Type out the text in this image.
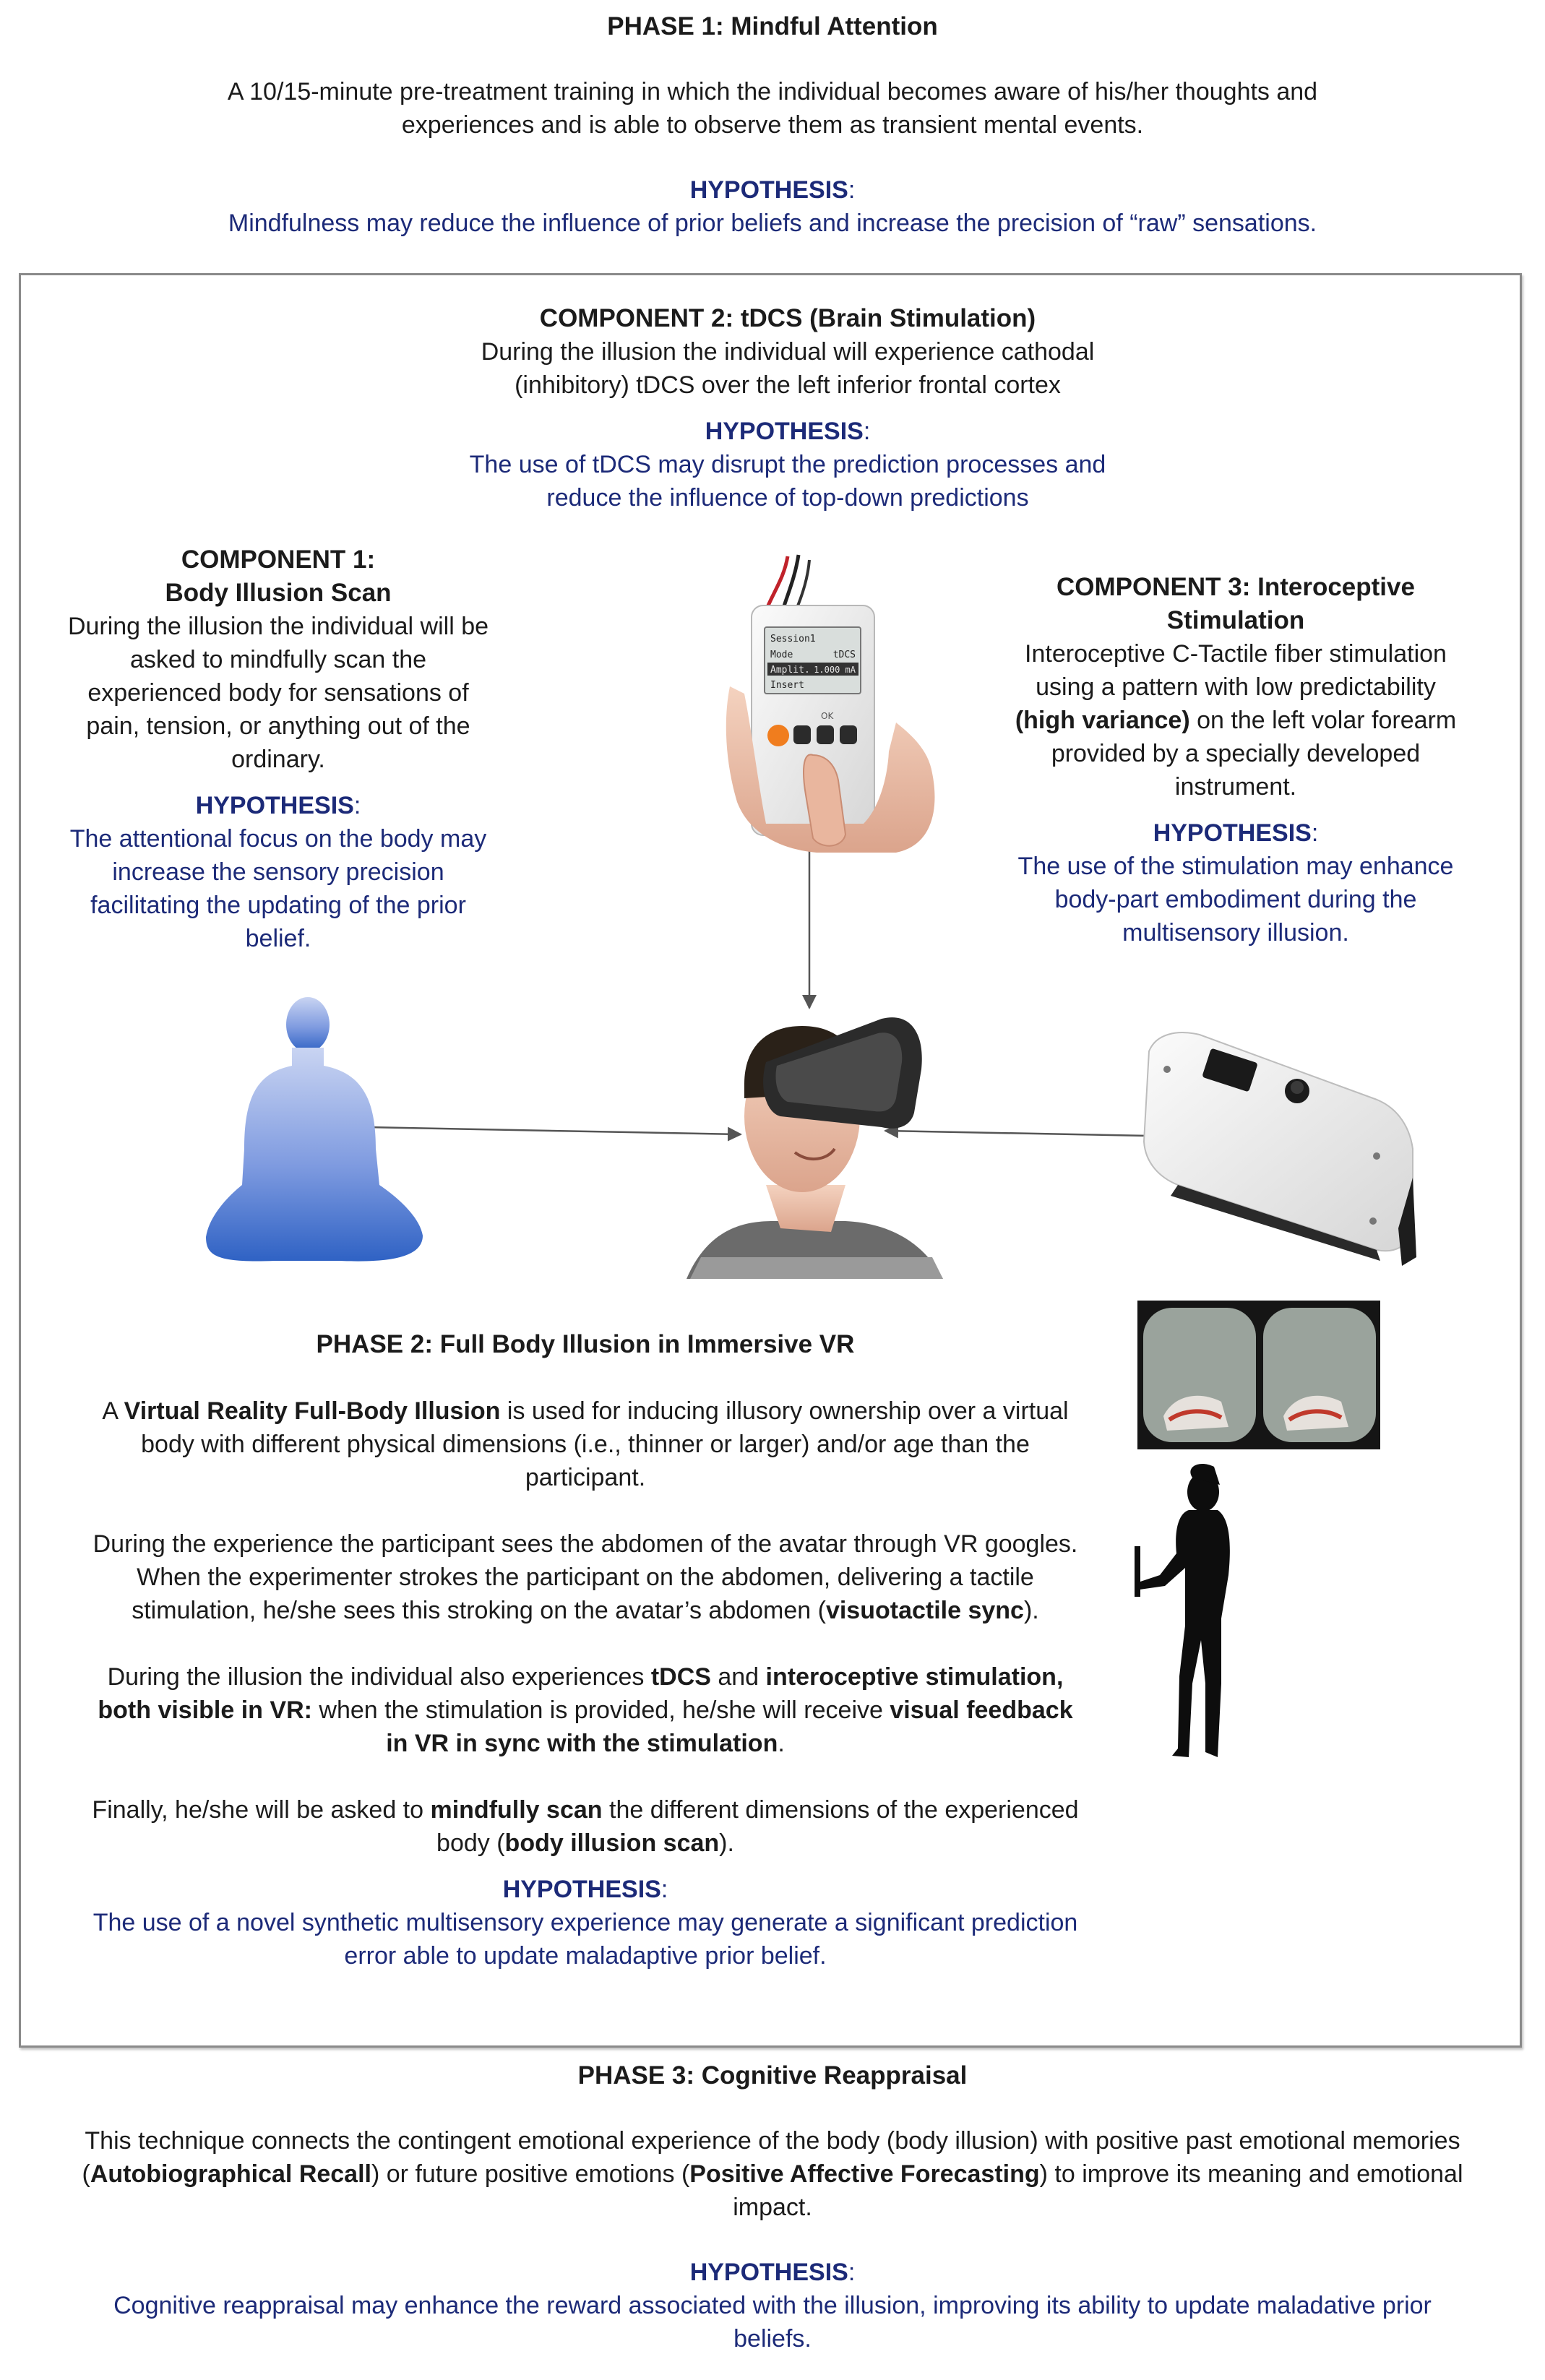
PHASE 1: Mindful Attention

A 10/15-minute pre-treatment training in which the individual becomes aware of his/her thoughts and

experiences and is able to observe them as transient mental events.

HYPOTHESIS:

Mindfulness may reduce the influence of prior beliefs and increase the precision of “raw” sensations.

COMPONENT 2: tDCS (Brain Stimulation)

During the illusion the individual will experience cathodal

(inhibitory) tDCS over the left inferior frontal cortex

HYPOTHESIS:

The use of tDCS may disrupt the prediction processes and

reduce the influence of top-down predictions

COMPONENT 1:

Body Illusion Scan

During the illusion the individual will be

asked to mindfully scan the

experienced body for sensations of

pain, tension, or anything out of the

ordinary.

HYPOTHESIS:

The attentional focus on the body may

increase the sensory precision

facilitating the updating of the prior

belief.

COMPONENT 3: Interoceptive

Stimulation

Interoceptive C-Tactile fiber stimulation

using a pattern with low predictability

(high variance) on the left volar forearm

provided by a specially developed

instrument.

HYPOTHESIS:

The use of the stimulation may enhance

body-part embodiment during the

multisensory illusion.

Session1
Mode	tDCS
Amplit. 1.000 mA
Insert
OK

PHASE 2: Full Body Illusion in Immersive VR

A Virtual Reality Full-Body Illusion is used for inducing illusory ownership over a virtual

body with different physical dimensions (i.e., thinner or larger) and/or age than the

participant.

During the experience the participant sees the abdomen of the avatar through VR googles.

When the experimenter strokes the participant on the abdomen, delivering a tactile

stimulation, he/she sees this stroking on the avatar’s abdomen (visuotactile sync).

During the illusion the individual also experiences tDCS and interoceptive stimulation,

both visible in VR: when the stimulation is provided, he/she will receive visual feedback

in VR in sync with the stimulation.

Finally, he/she will be asked to mindfully scan the different dimensions of the experienced

body (body illusion scan).

HYPOTHESIS:

The use of a novel synthetic multisensory experience may generate a significant prediction

error able to update maladaptive prior belief.

PHASE 3: Cognitive Reappraisal

This technique connects the contingent emotional experience of the body (body illusion) with positive past emotional memories

(Autobiographical Recall) or future positive emotions (Positive Affective Forecasting) to improve its meaning and emotional

impact.

HYPOTHESIS:

Cognitive reappraisal may enhance the reward associated with the illusion, improving its ability to update maladative prior

beliefs.
